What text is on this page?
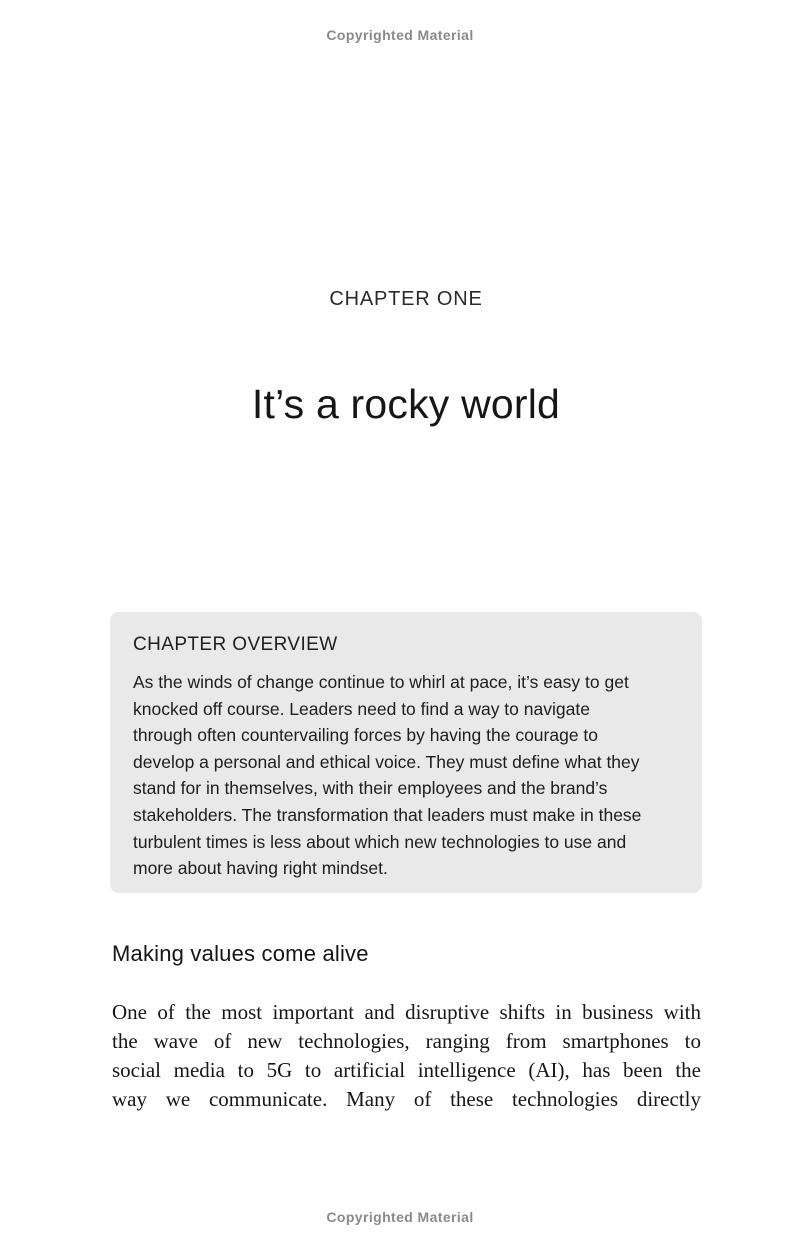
Copyrighted Material
CHAPTER ONE
It’s a rocky world
CHAPTER OVERVIEW
As the winds of change continue to whirl at pace, it’s easy to get
knocked off course. Leaders need to find a way to navigate
through often countervailing forces by having the courage to
develop a personal and ethical voice. They must define what they
stand for in themselves, with their employees and the brand’s
stakeholders. The transformation that leaders must make in these
turbulent times is less about which new technologies to use and
more about having right mindset.
Making values come alive
One of the most important and disruptive shifts in business with
the wave of new technologies, ranging from smartphones to
social media to 5G to artificial intelligence (AI), has been the
way we communicate. Many of these technologies directly
Copyrighted Material
